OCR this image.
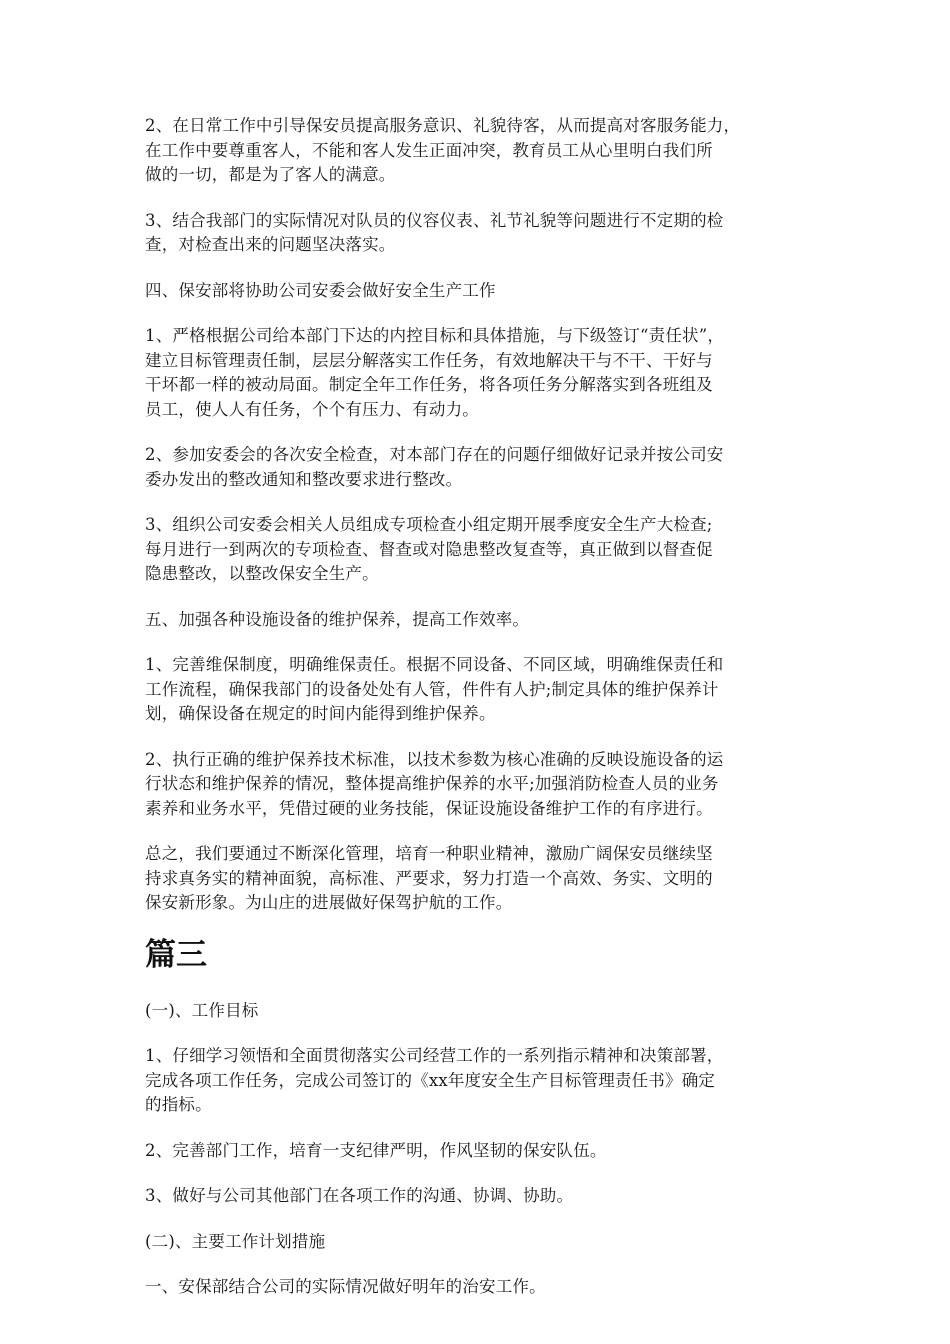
2、在日常工作中引导保安员提高服务意识、礼貌待客，从而提高对客服务能力，
在工作中要尊重客人，不能和客人发生正面冲突，教育员工从心里明白我们所
做的一切，都是为了客人的满意。

3、结合我部门的实际情况对队员的仪容仪表、礼节礼貌等问题进行不定期的检
查，对检查出来的问题坚决落实。

四、保安部将协助公司安委会做好安全生产工作

1、严格根据公司给本部门下达的内控目标和具体措施，与下级签订“责任状”，
建立目标管理责任制，层层分解落实工作任务，有效地解决干与不干、干好与
干坏都一样的被动局面。制定全年工作任务，将各项任务分解落实到各班组及
员工，使人人有任务，个个有压力、有动力。

2、参加安委会的各次安全检查，对本部门存在的问题仔细做好记录并按公司安
委办发出的整改通知和整改要求进行整改。

3、组织公司安委会相关人员组成专项检查小组定期开展季度安全生产大检查;
每月进行一到两次的专项检查、督查或对隐患整改复查等，真正做到以督查促
隐患整改，以整改保安全生产。

五、加强各种设施设备的维护保养，提高工作效率。

1、完善维保制度，明确维保责任。根据不同设备、不同区域，明确维保责任和
工作流程，确保我部门的设备处处有人管，件件有人护;制定具体的维护保养计
划，确保设备在规定的时间内能得到维护保养。

2、执行正确的维护保养技术标准，以技术参数为核心准确的反映设施设备的运
行状态和维护保养的情况，整体提高维护保养的水平;加强消防检查人员的业务
素养和业务水平，凭借过硬的业务技能，保证设施设备维护工作的有序进行。

总之，我们要通过不断深化管理，培育一种职业精神，激励广阔保安员继续坚
持求真务实的精神面貌，高标准、严要求，努力打造一个高效、务实、文明的
保安新形象。为山庄的进展做好保驾护航的工作。

篇三

(一)、工作目标

1、仔细学习领悟和全面贯彻落实公司经营工作的一系列指示精神和决策部署，
完成各项工作任务，完成公司签订的《xx年度安全生产目标管理责任书》确定
的指标。

2、完善部门工作，培育一支纪律严明，作风坚韧的保安队伍。

3、做好与公司其他部门在各项工作的沟通、协调、协助。

(二)、主要工作计划措施

一、安保部结合公司的实际情况做好明年的治安工作。
